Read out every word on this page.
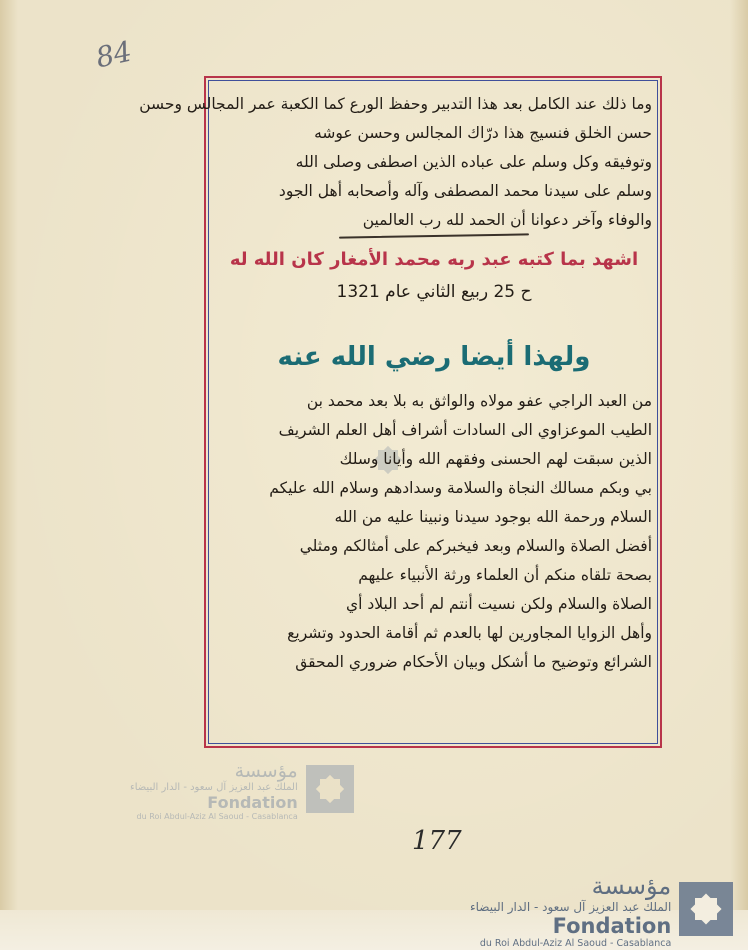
84
وما ذلك عند الكامل بعد هذا التدبير وحفظ الورع كما الكعبة عمر المجالس وحسن
حسن الخلق فنسيج هذا درّاك المجالس وحسن عوشه
وتوفيقه وكل وسلم على عباده الذين اصطفى وصلى الله
وسلم على سيدنا محمد المصطفى وآله وأصحابه أهل الجود
والوفاء وآخر دعوانا أن الحمد لله رب العالمين
اشهد بما كتبه عبد ربه محمد الأمغار كان الله له
ح 25 ربيع الثاني عام 1321
ولهذا أيضا رضي الله عنه
من العبد الراجي عفو مولاه والواثق به بلا بعد محمد بن
الطيب الموعزاوي الى السادات أشراف أهل العلم الشريف
الذين سبقت لهم الحسنى وفقهم الله وأيانا وسلك
بي وبكم مسالك النجاة والسلامة وسدادهم وسلام الله عليكم
السلام ورحمة الله بوجود سيدنا ونبينا عليه من الله
أفضل الصلاة والسلام وبعد فيخبركم على أمثالكم ومثلي
بصحة تلقاه منكم أن العلماء ورثة الأنبياء عليهم
الصلاة والسلام ولكن نسيت أنتم لم أحد البلاد أي
وأهل الزوايا المجاورين لها بالعدم ثم أقامة الحدود وتشريع
الشرائع وتوضيح ما أشكل وبيان الأحكام ضروري المحقق
177
مؤسسة
الملك عبد العزيز آل سعود - الدار البيضاء
Fondation
du Roi Abdul-Aziz Al Saoud - Casablanca
مؤسسة
الملك عبد العزيز آل سعود - الدار البيضاء
Fondation
du Roi Abdul-Aziz Al Saoud - Casablanca
